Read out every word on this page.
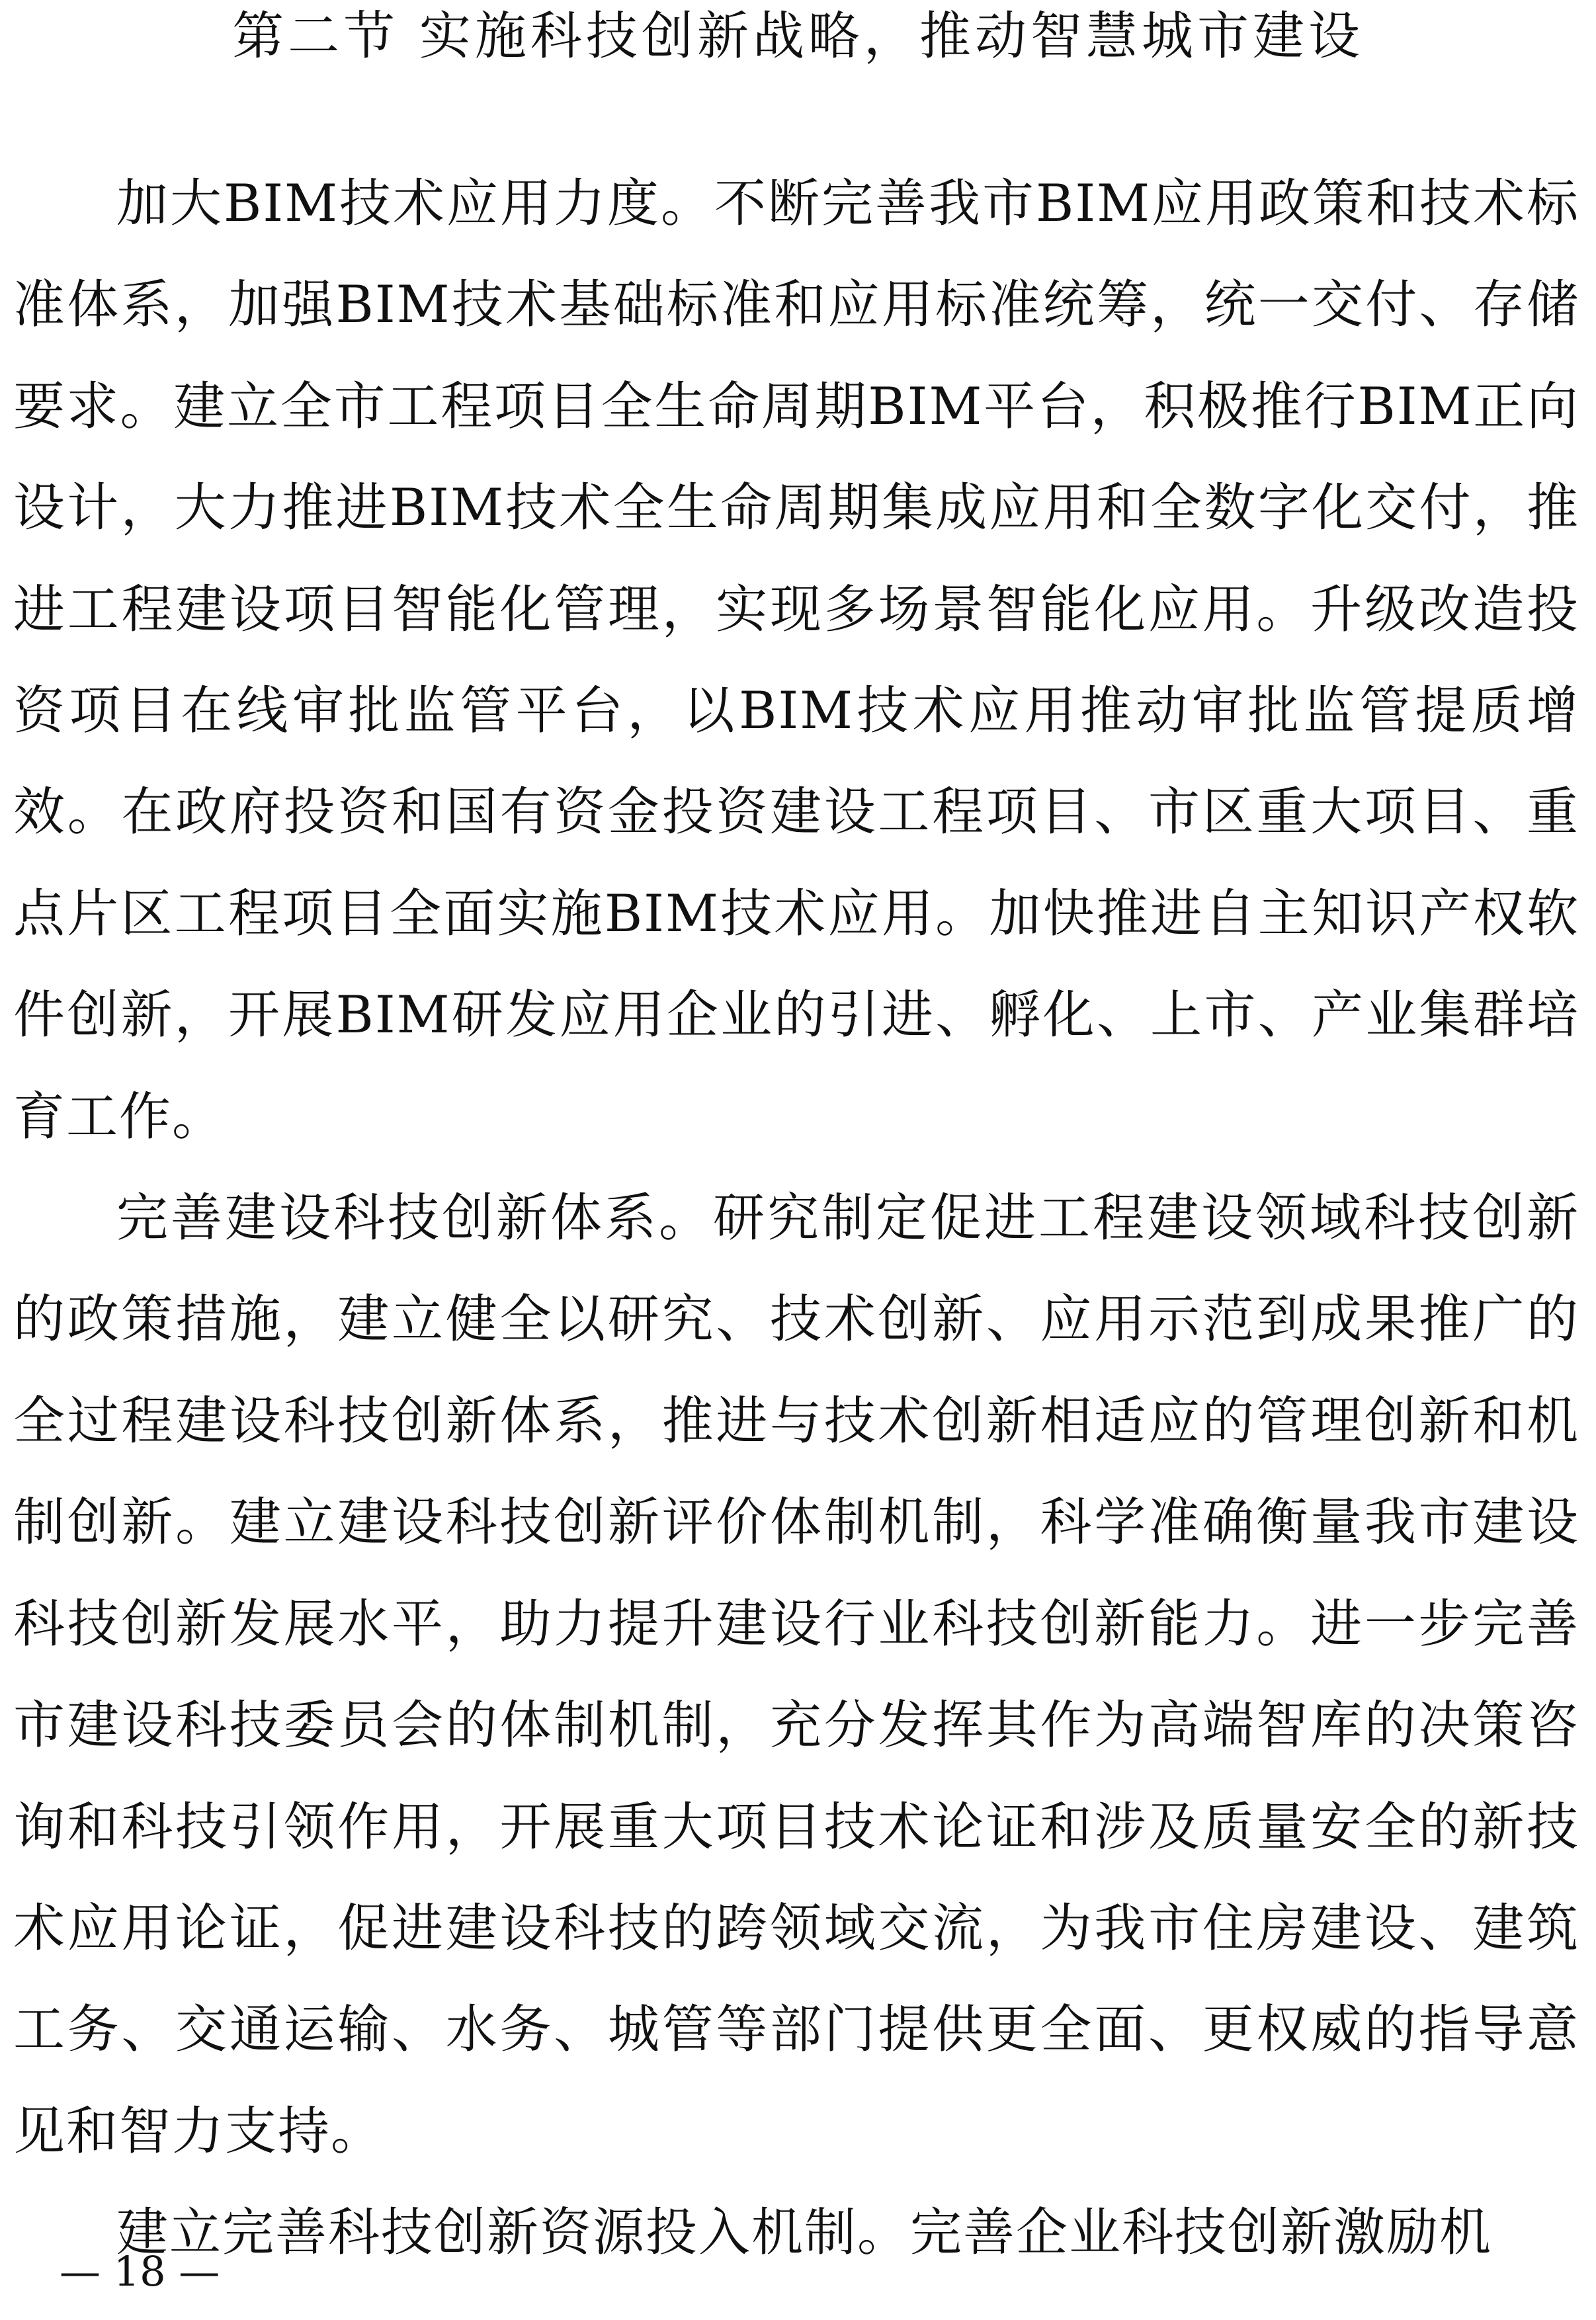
第二节 实施科技创新战略，推动智慧城市建设

加大BIM技术应用力度。不断完善我市BIM应用政策和技术标准体系，加强BIM技术基础标准和应用标准统筹，统一交付、存储要求。建立全市工程项目全生命周期BIM平台，积极推行BIM正向设计，大力推进BIM技术全生命周期集成应用和全数字化交付，推进工程建设项目智能化管理，实现多场景智能化应用。升级改造投资项目在线审批监管平台，以BIM技术应用推动审批监管提质增效。在政府投资和国有资金投资建设工程项目、市区重大项目、重点片区工程项目全面实施BIM技术应用。加快推进自主知识产权软件创新，开展BIM研发应用企业的引进、孵化、上市、产业集群培育工作。

完善建设科技创新体系。研究制定促进工程建设领域科技创新的政策措施，建立健全以研究、技术创新、应用示范到成果推广的全过程建设科技创新体系，推进与技术创新相适应的管理创新和机制创新。建立建设科技创新评价体制机制，科学准确衡量我市建设科技创新发展水平，助力提升建设行业科技创新能力。进一步完善市建设科技委员会的体制机制，充分发挥其作为高端智库的决策咨询和科技引领作用，开展重大项目技术论证和涉及质量安全的新技术应用论证，促进建设科技的跨领域交流，为我市住房建设、建筑工务、交通运输、水务、城管等部门提供更全面、更权威的指导意见和智力支持。

建立完善科技创新资源投入机制。完善企业科技创新激励机

— 18 —
